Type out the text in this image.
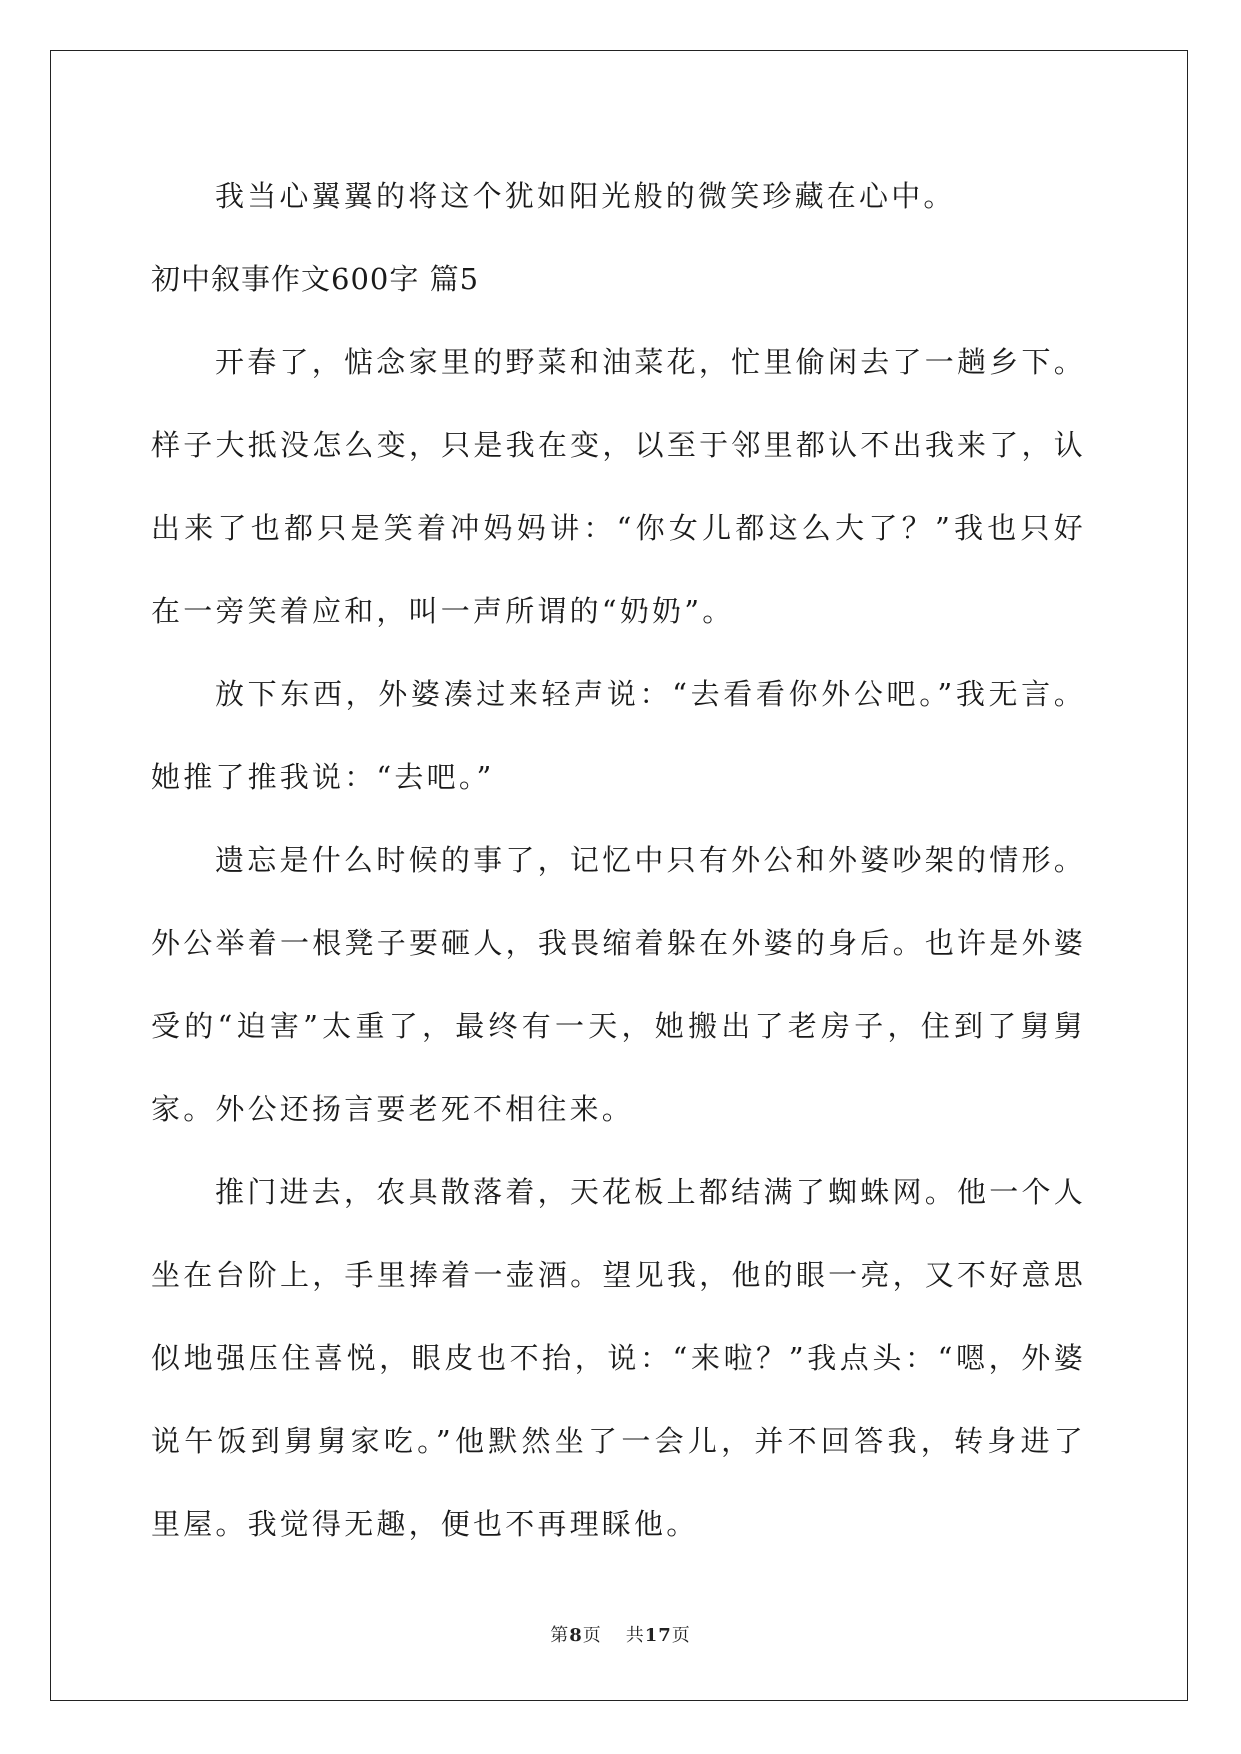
我当心翼翼的将这个犹如阳光般的微笑珍藏在心中。

初中叙事作文600字 篇5

开春了，惦念家里的野菜和油菜花，忙里偷闲去了一趟乡下。样子大抵没怎么变，只是我在变，以至于邻里都认不出我来了，认出来了也都只是笑着冲妈妈讲：“你女儿都这么大了？”我也只好在一旁笑着应和，叫一声所谓的“奶奶”。

放下东西，外婆凑过来轻声说：“去看看你外公吧。”我无言。她推了推我说：“去吧。”

遗忘是什么时候的事了，记忆中只有外公和外婆吵架的情形。外公举着一根凳子要砸人，我畏缩着躲在外婆的身后。也许是外婆受的“迫害”太重了，最终有一天，她搬出了老房子，住到了舅舅家。外公还扬言要老死不相往来。

推门进去，农具散落着，天花板上都结满了蜘蛛网。他一个人坐在台阶上，手里捧着一壶酒。望见我，他的眼一亮，又不好意思似地强压住喜悦，眼皮也不抬，说：“来啦？”我点头：“嗯，外婆说午饭到舅舅家吃。”他默然坐了一会儿，并不回答我，转身进了里屋。我觉得无趣，便也不再理睬他。

第8页 共17页
